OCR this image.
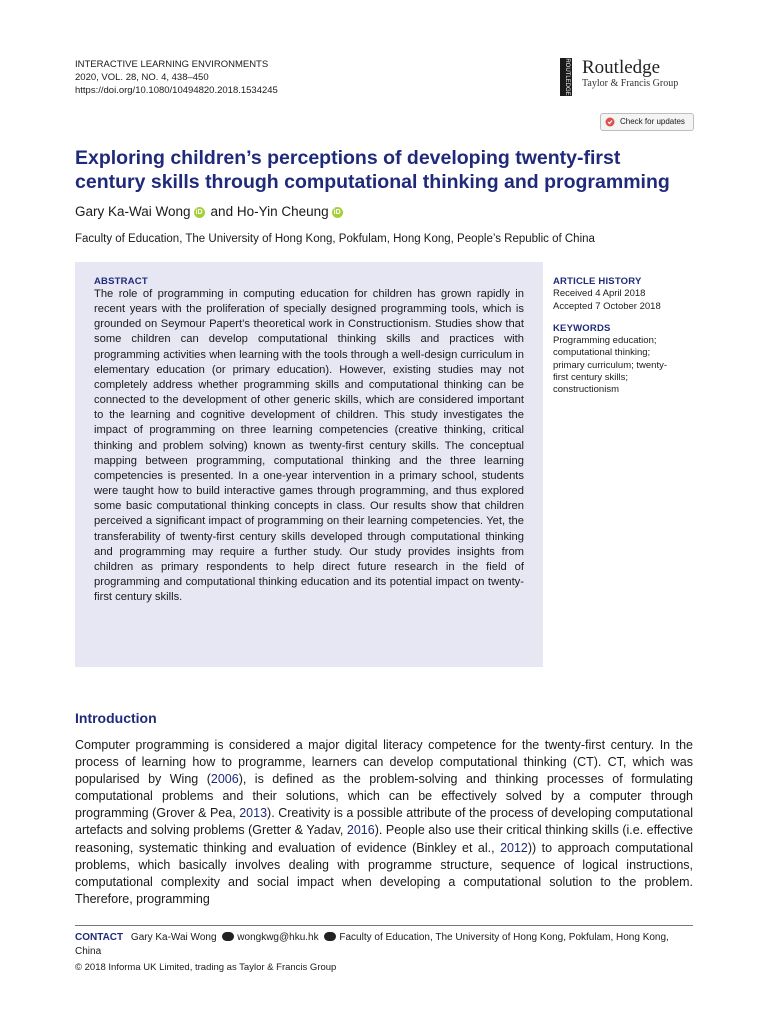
INTERACTIVE LEARNING ENVIRONMENTS
2020, VOL. 28, NO. 4, 438–450
https://doi.org/10.1080/10494820.2018.1534245	ROUTLEDGE Routledge
Taylor & Francis Group
Check for updates
Exploring children’s perceptions of developing twenty-first century skills through computational thinking and programming
Gary Ka-Wai Wong iD and Ho-Yin Cheung iD
Faculty of Education, The University of Hong Kong, Pokfulam, Hong Kong, People’s Republic of China
ABSTRACT

The role of programming in computing education for children has grown rapidly in recent years with the proliferation of specially designed programming tools, which is grounded on Seymour Papert’s theoretical work in Constructionism. Studies show that some children can develop computational thinking skills and practices with programming activities when learning with the tools through a well-design curriculum in elementary education (or primary education). However, existing studies may not completely address whether programming skills and computational thinking can be connected to the development of other generic skills, which are considered important to the learning and cognitive development of children. This study investigates the impact of programming on three learning competencies (creative thinking, critical thinking and problem solving) known as twenty-first century skills. The conceptual mapping between programming, computational thinking and the three learning competencies is presented. In a one-year intervention in a primary school, students were taught how to build interactive games through programming, and thus explored some basic computational thinking concepts in class. Our results show that children perceived a significant impact of programming on their learning competencies. Yet, the transferability of twenty-first century skills developed through computational thinking and programming may require a further study. Our study provides insights from children as primary respondents to help direct future research in the field of programming and computational thinking education and its potential impact on twenty-first century skills.

ARTICLE HISTORY
Received 4 April 2018
Accepted 7 October 2018
KEYWORDS
Programming education;
computational thinking;
primary curriculum; twenty-
first century skills;
constructionism
Introduction

Computer programming is considered a major digital literacy competence for the twenty-first century. In the process of learning how to programme, learners can develop computational thinking (CT). CT, which was popularised by Wing (2006), is defined as the problem-solving and thinking processes of formulating computational problems and their solutions, which can be effectively solved by a computer through programming (Grover & Pea, 2013). Creativity is a possible attribute of the process of developing computational artefacts and solving problems (Gretter & Yadav, 2016). People also use their critical thinking skills (i.e. effective reasoning, systematic thinking and evaluation of evidence (Binkley et al., 2012)) to approach computational problems, which basically involves dealing with programme structure, sequence of logical instructions, computational complexity and social impact when developing a computational solution to the problem. Therefore, programming

CONTACT Gary Ka-Wai Wong wongkwg@hku.hk Faculty of Education, The University of Hong Kong, Pokfulam, Hong Kong, China
© 2018 Informa UK Limited, trading as Taylor & Francis Group
